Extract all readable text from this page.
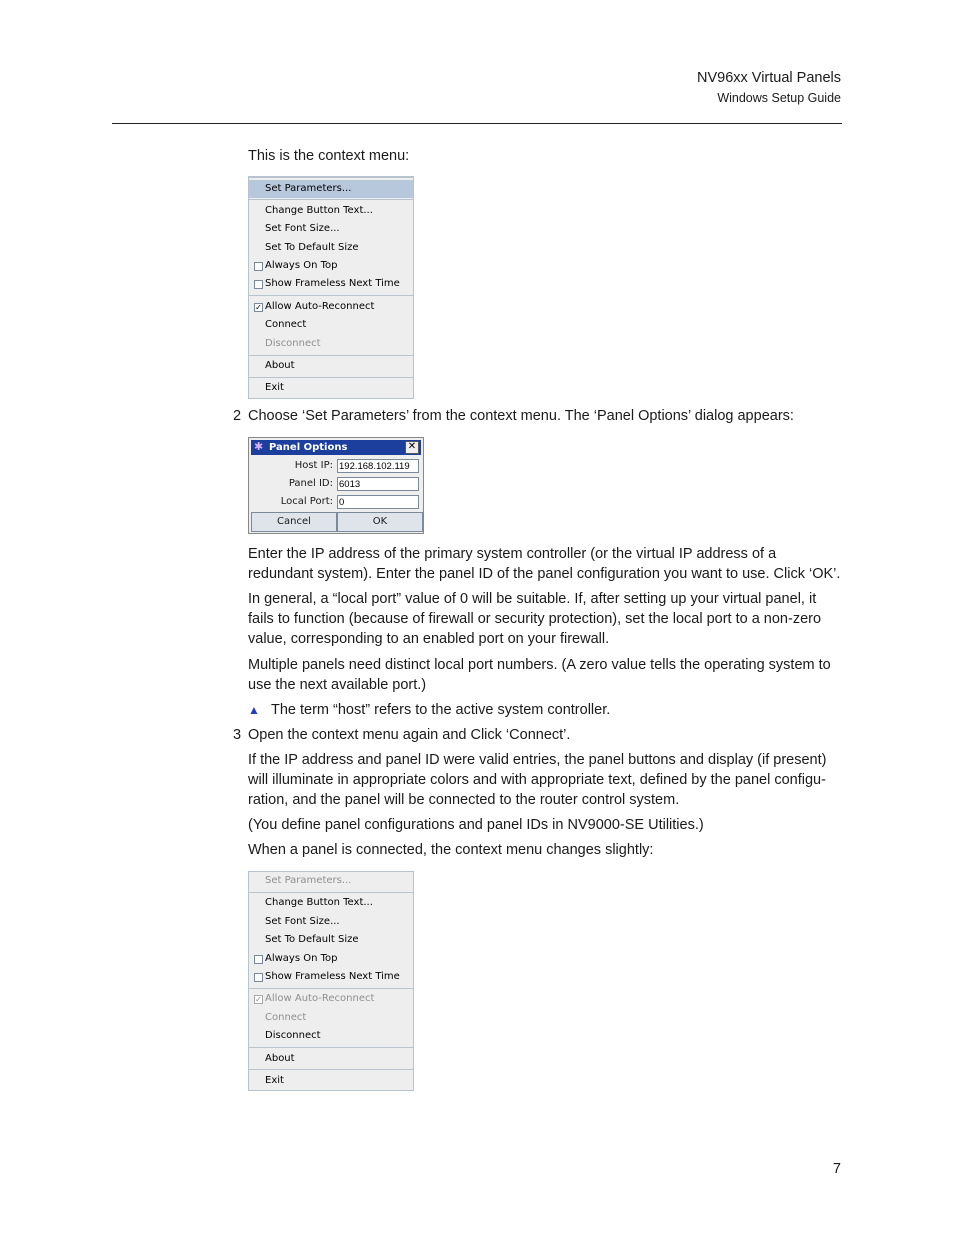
NV96xx Virtual Panels
Windows Setup Guide
This is the context menu:
Set Parameters...
Change Button Text...
Set Font Size...
Set To Default Size
Always On Top
Show Frameless Next Time
✓ Allow Auto-Reconnect
Connect
Disconnect
About
Exit
2 Choose ‘Set Parameters’ from the context menu. The ‘Panel Options’ dialog appears:
✱ Panel Options	✕
Host IP:
192.168.102.119
Panel ID:
6013
Local Port:
0
Cancel	OK
Enter the IP address of the primary system controller (or the virtual IP address of a redundant system). Enter the panel ID of the panel configuration you want to use. Click ‘OK’.
In general, a “local port” value of 0 will be suitable. If, after setting up your virtual panel, it fails to function (because of firewall or security protection), set the local port to a non-zero value, corresponding to an enabled port on your firewall.
Multiple panels need distinct local port numbers. (A zero value tells the operating system to use the next available port.)
▲ The term “host” refers to the active system controller.
3 Open the context menu again and Click ‘Connect’.
If the IP address and panel ID were valid entries, the panel buttons and display (if present) will illuminate in appropriate colors and with appropriate text, defined by the panel configu- ration, and the panel will be connected to the router control system.
(You define panel configurations and panel IDs in NV9000-SE Utilities.)
When a panel is connected, the context menu changes slightly:
Set Parameters...
Change Button Text...
Set Font Size...
Set To Default Size
Always On Top
Show Frameless Next Time
✓ Allow Auto-Reconnect
Connect
Disconnect
About
Exit
7
